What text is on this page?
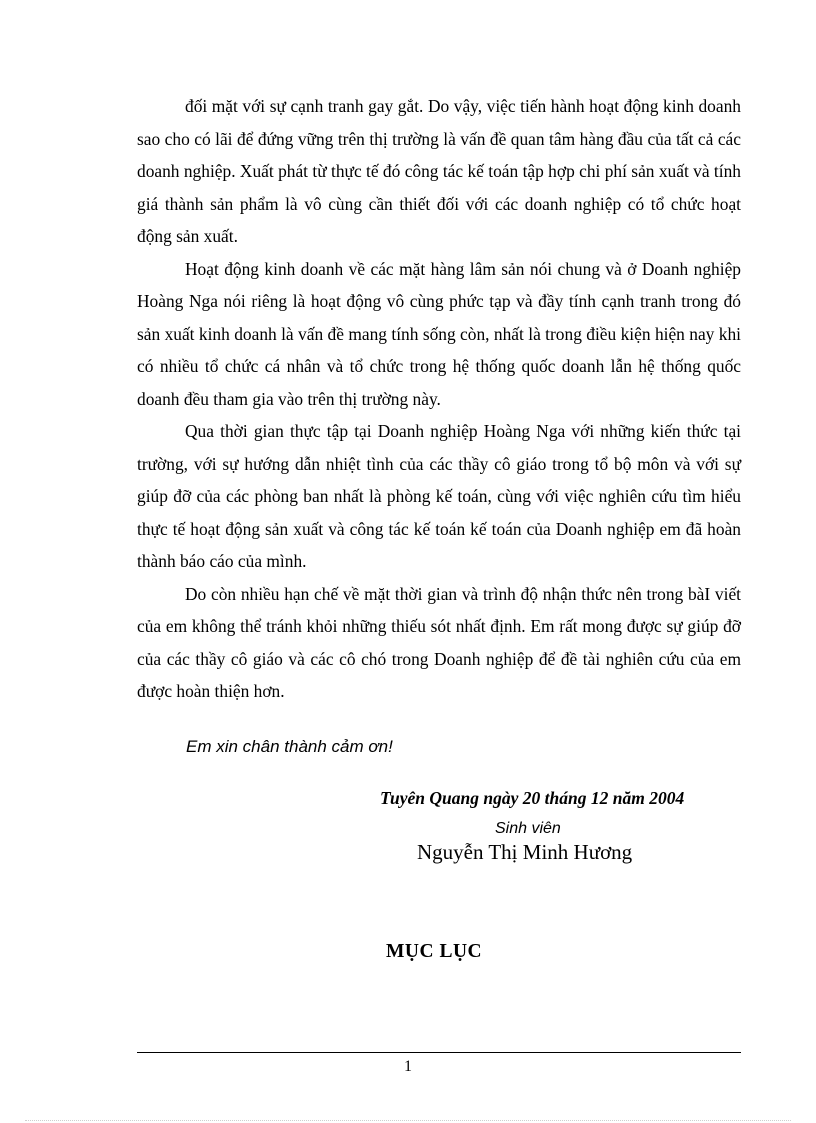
đối mặt với sự cạnh tranh gay gắt. Do vậy, việc tiến hành hoạt động kinh doanh sao cho có lãi để đứng vững trên thị trường là vấn đề quan tâm hàng đầu của tất cả các doanh nghiệp. Xuất phát từ thực tế đó công tác kế toán tập hợp chi phí sản xuất và tính giá thành sản phẩm là vô cùng cần thiết đối với các doanh nghiệp có tổ chức hoạt động sản xuất.

Hoạt động kinh doanh về các mặt hàng lâm sản nói chung và ở Doanh nghiệp Hoàng Nga nói riêng là hoạt động vô cùng phức tạp và đầy tính cạnh tranh trong đó sản xuất kinh doanh là vấn đề mang tính sống còn, nhất là trong điều kiện hiện nay khi có nhiều tổ chức cá nhân và tổ chức trong hệ thống quốc doanh lẫn hệ thống quốc doanh đều tham gia vào trên thị trường này.

Qua thời gian thực tập tại Doanh nghiệp Hoàng Nga với những kiến thức tại trường, với sự hướng dẫn nhiệt tình của các thầy cô giáo trong tổ bộ môn và với sự giúp đỡ của các phòng ban nhất là phòng kế toán, cùng với việc nghiên cứu tìm hiểu thực tế hoạt động sản xuất và công tác kế toán kế toán của Doanh nghiệp em đã hoàn thành báo cáo của mình.

Do còn nhiều hạn chế về mặt thời gian và trình độ nhận thức nên trong bàI viết của em không thể tránh khỏi những thiếu sót nhất định. Em rất mong được sự giúp đỡ của các thầy cô giáo và các cô chó trong Doanh nghiệp để đề tài nghiên cứu của em được hoàn thiện hơn.

Em xin chân thành cảm ơn!
Tuyên Quang ngày 20 tháng 12 năm 2004
Sinh viên
Nguyễn Thị Minh Hương
MỤC LỤC
1
